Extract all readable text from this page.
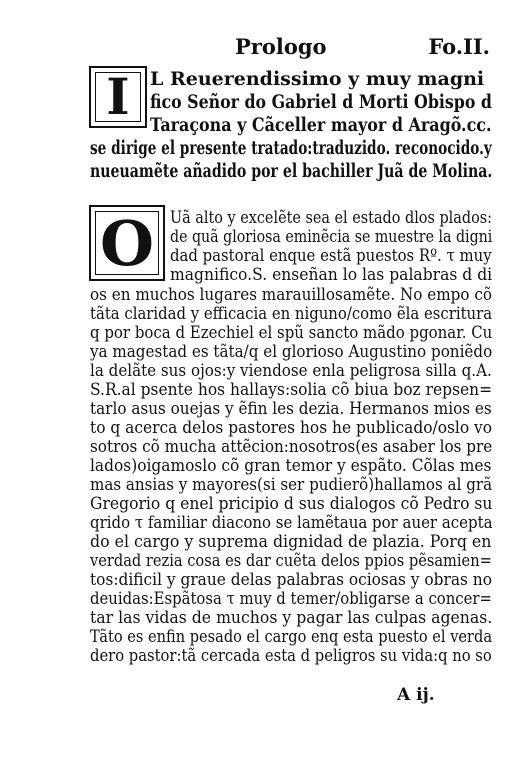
Prologo	Fo.II.
I	L Reuerendissimo y muy magni
fico Señor do Gabriel d Morti Obispo d
Taraçona y Cãceller mayor d Aragõ.cc.
se dirige el presente tratado:traduzido. reconocido.y
nueuamẽte añadido por el bachiller Juã de Molina.
O Uã alto y excelẽte sea el estado dlos plados:
de quã gloriosa eminẽcia se muestre la digni
dad pastoral enque estã puestos Rº. τ muy
magnifico.S. enseñan lo las palabras d di
os en muchos lugares marauillosamẽte. No empo cõ
tãta claridad y efficacia en niguno/como ẽla escritura
q por boca d Ezechiel el spũ sancto mãdo pgonar. Cu
ya magestad es tãta/q el glorioso Augustino poniẽdo
la delãte sus ojos:y viendose enla peligrosa silla q.A.
S.R.al psente hos hallays:solia cõ biua boz repsen=
tarlo asus ouejas y ẽfin les dezia. Hermanos mios es
to q acerca delos pastores hos he publicado/oslo vo
sotros cõ mucha attẽcion:nosotros(es asaber los pre
lados)oigamoslo cõ gran temor y espãto. Cõlas mes
mas ansias y mayores(si ser pudierõ)hallamos al grã
Gregorio q enel pricipio d sus dialogos cõ Pedro su
qrido τ familiar diacono se lamẽtaua por auer acepta
do el cargo y suprema dignidad de plazia. Porq en
verdad rezia cosa es dar cuẽta delos ppios pẽsamien=
tos:dificil y graue delas palabras ociosas y obras no
deuidas:Espãtosa τ muy d temer/obligarse a concer=
tar las vidas de muchos y pagar las culpas agenas.
Tãto es enfin pesado el cargo enq esta puesto el verda
dero pastor:tã cercada esta d peligros su vida:q no so
A ij.
